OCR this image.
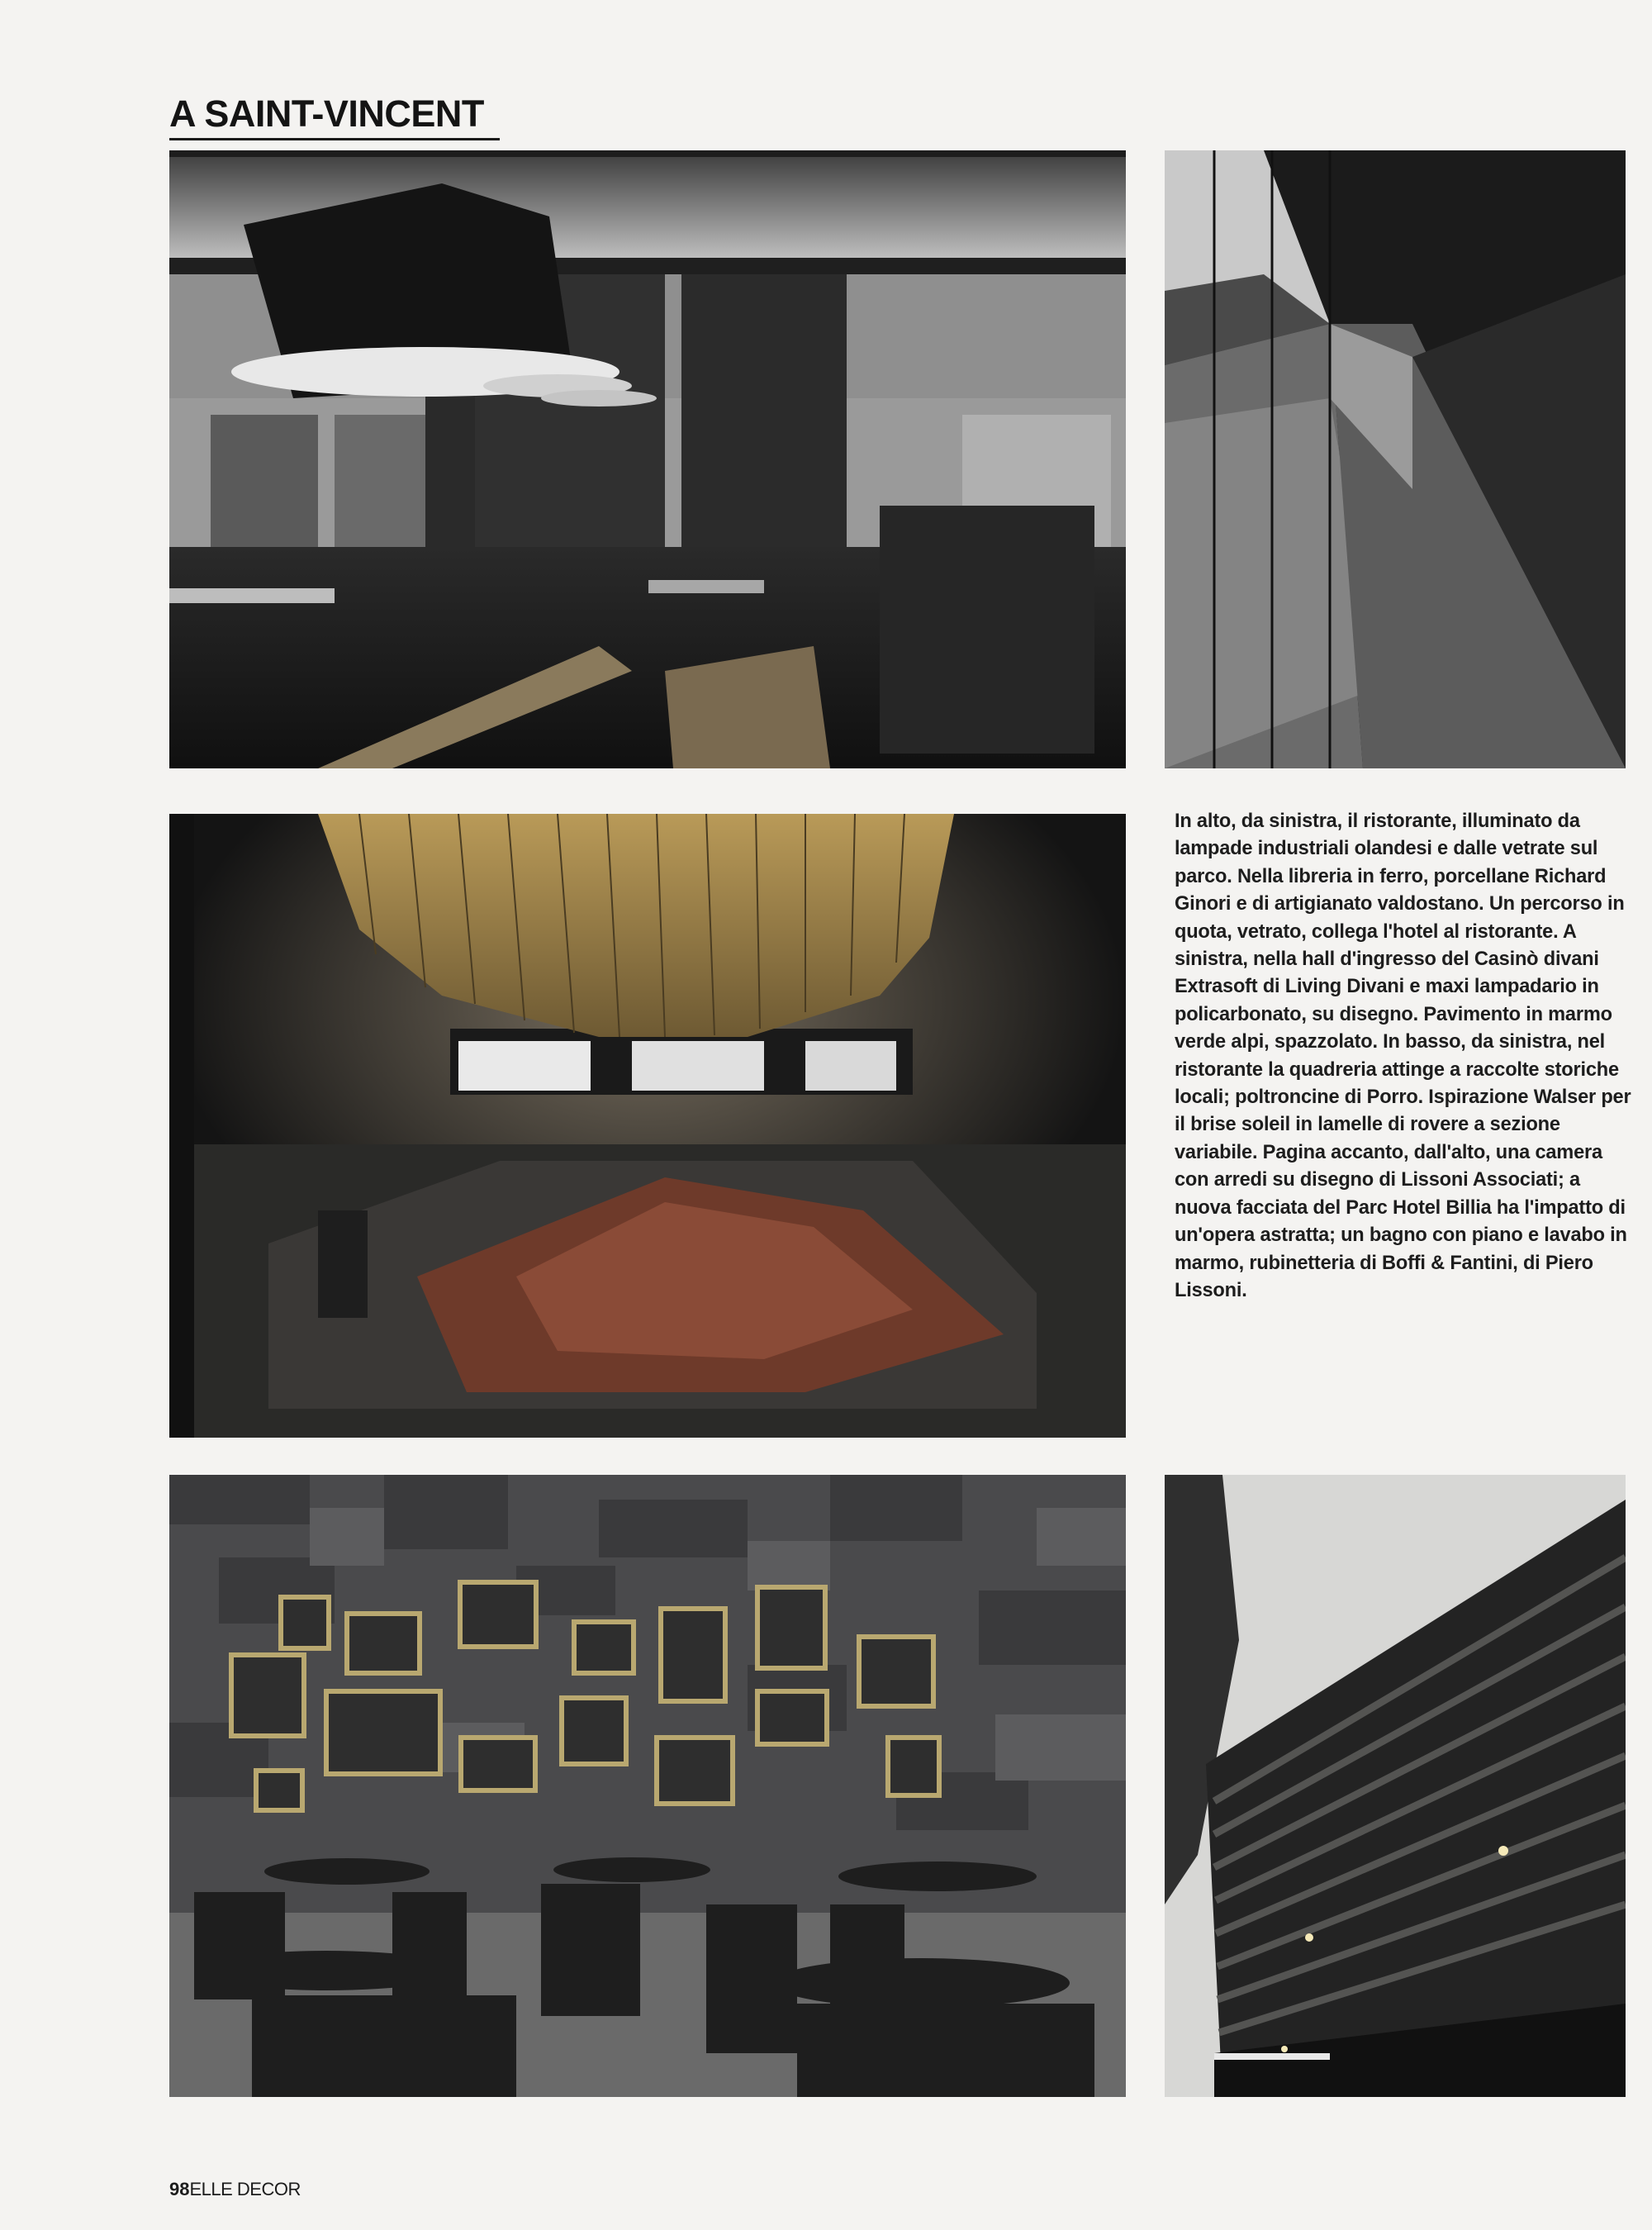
A SAINT-VINCENT

In alto, da sinistra, il ristorante, illuminato da lampade industriali olandesi e dalle vetrate sul parco. Nella libreria in ferro, porcellane Richard Ginori e di artigianato valdostano. Un percorso in quota, vetrato, collega l'hotel al ristorante. A sinistra, nella hall d'ingresso del Casinò divani Extrasoft di Living Divani e maxi lampadario in policarbonato, su disegno. Pavimento in marmo verde alpi, spazzolato. In basso, da sinistra, nel ristorante la quadreria attinge a raccolte storiche locali; poltroncine di Porro. Ispirazione Walser per il brise soleil in lamelle di rovere a sezione variabile. Pagina accanto, dall'alto, una camera con arredi su disegno di Lissoni Associati; a nuova facciata del Parc Hotel Billia ha l'impatto di un'opera astratta; un bagno con piano e lavabo in marmo, rubinetteria di Boffi & Fantini, di Piero Lissoni.

98ELLE DECOR
